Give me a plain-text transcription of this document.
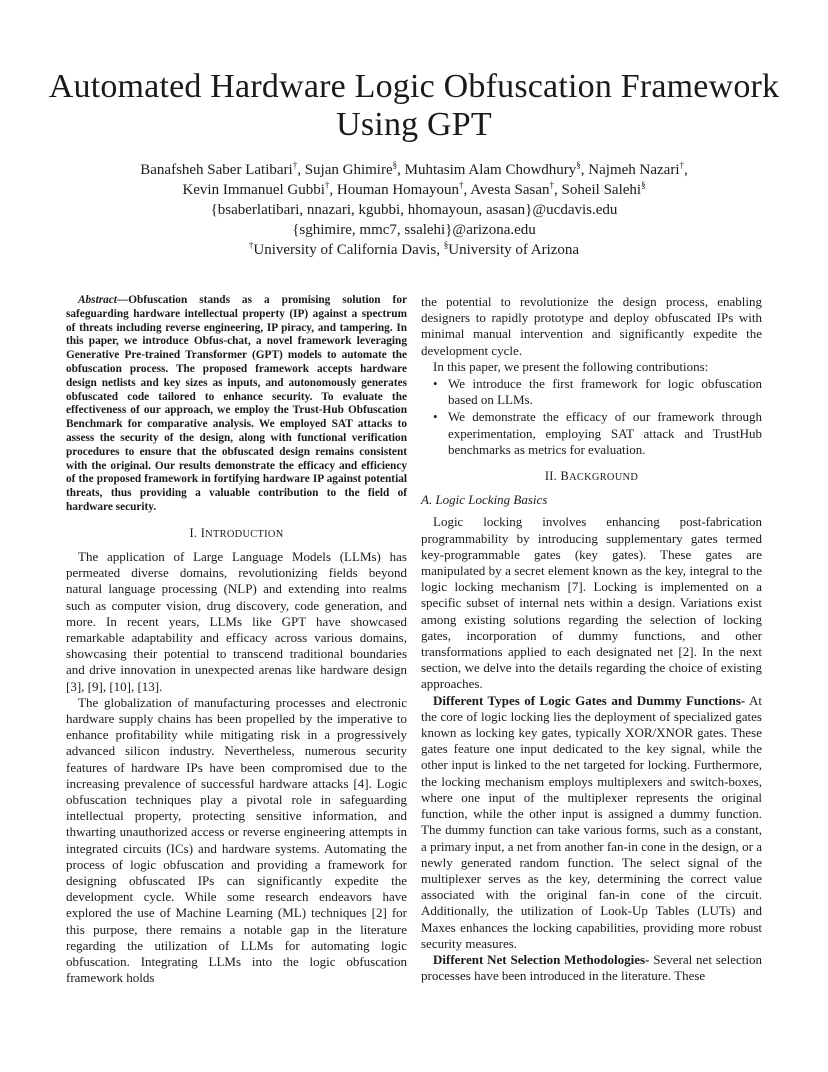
Automated Hardware Logic Obfuscation Framework Using GPT
Banafsheh Saber Latibari†, Sujan Ghimire§, Muhtasim Alam Chowdhury§, Najmeh Nazari†,
Kevin Immanuel Gubbi†, Houman Homayoun†, Avesta Sasan†, Soheil Salehi§
{bsaberlatibari, nnazari, kgubbi, hhomayoun, asasan}@ucdavis.edu
{sghimire, mmc7, ssalehi}@arizona.edu
†University of California Davis, §University of Arizona

Abstract—Obfuscation stands as a promising solution for safeguarding hardware intellectual property (IP) against a spectrum of threats including reverse engineering, IP piracy, and tampering. In this paper, we introduce Obfus-chat, a novel framework leveraging Generative Pre-trained Transformer (GPT) models to automate the obfuscation process. The proposed framework accepts hardware design netlists and key sizes as inputs, and autonomously generates obfuscated code tailored to enhance security. To evaluate the effectiveness of our approach, we employ the Trust-Hub Obfuscation Benchmark for comparative analysis. We employed SAT attacks to assess the security of the design, along with functional verification procedures to ensure that the obfuscated design remains consistent with the original. Our results demonstrate the efficacy and efficiency of the proposed framework in fortifying hardware IP against potential threats, thus providing a valuable contribution to the field of hardware security.

I. INTRODUCTION

The application of Large Language Models (LLMs) has permeated diverse domains, revolutionizing fields beyond natural language processing (NLP) and extending into realms such as computer vision, drug discovery, code generation, and more. In recent years, LLMs like GPT have showcased remarkable adaptability and efficacy across various domains, showcasing their potential to transcend traditional boundaries and drive innovation in unexpected arenas like hardware design [3], [9], [10], [13].

The globalization of manufacturing processes and electronic hardware supply chains has been propelled by the imperative to enhance profitability while mitigating risk in a progressively advanced silicon industry. Nevertheless, numerous security features of hardware IPs have been compromised due to the increasing prevalence of successful hardware attacks [4]. Logic obfuscation techniques play a pivotal role in safeguarding intellectual property, protecting sensitive information, and thwarting unauthorized access or reverse engineering attempts in integrated circuits (ICs) and hardware systems. Automating the process of logic obfuscation and providing a framework for designing obfuscated IPs can significantly expedite the development cycle. While some research endeavors have explored the use of Machine Learning (ML) techniques [2] for this purpose, there remains a notable gap in the literature regarding the utilization of LLMs for automating logic obfuscation. Integrating LLMs into the logic obfuscation framework holds

the potential to revolutionize the design process, enabling designers to rapidly prototype and deploy obfuscated IPs with minimal manual intervention and significantly expedite the development cycle.

In this paper, we present the following contributions:

• We introduce the first framework for logic obfuscation based on LLMs.
• We demonstrate the efficacy of our framework through experimentation, employing SAT attack and TrustHub benchmarks as metrics for evaluation.
II. BACKGROUND
A. Logic Locking Basics

Logic locking involves enhancing post-fabrication programmability by introducing supplementary gates termed key-programmable gates (key gates). These gates are manipulated by a secret element known as the key, integral to the logic locking mechanism [7]. Locking is implemented on a specific subset of internal nets within a design. Variations exist among existing solutions regarding the selection of locking gates, incorporation of dummy functions, and other transformations applied to each designated net [2]. In the next section, we delve into the details regarding the choice of existing approaches.

Different Types of Logic Gates and Dummy Functions- At the core of logic locking lies the deployment of specialized gates known as locking key gates, typically XOR/XNOR gates. These gates feature one input dedicated to the key signal, while the other input is linked to the net targeted for locking. Furthermore, the locking mechanism employs multiplexers and switch-boxes, where one input of the multiplexer represents the original function, while the other input is assigned a dummy function. The dummy function can take various forms, such as a constant, a primary input, a net from another fan-in cone in the design, or a newly generated random function. The select signal of the multiplexer serves as the key, determining the correct value associated with the original fan-in cone of the circuit. Additionally, the utilization of Look-Up Tables (LUTs) and Maxes enhances the locking capabilities, providing more robust security measures.

Different Net Selection Methodologies- Several net selection processes have been introduced in the literature. These
